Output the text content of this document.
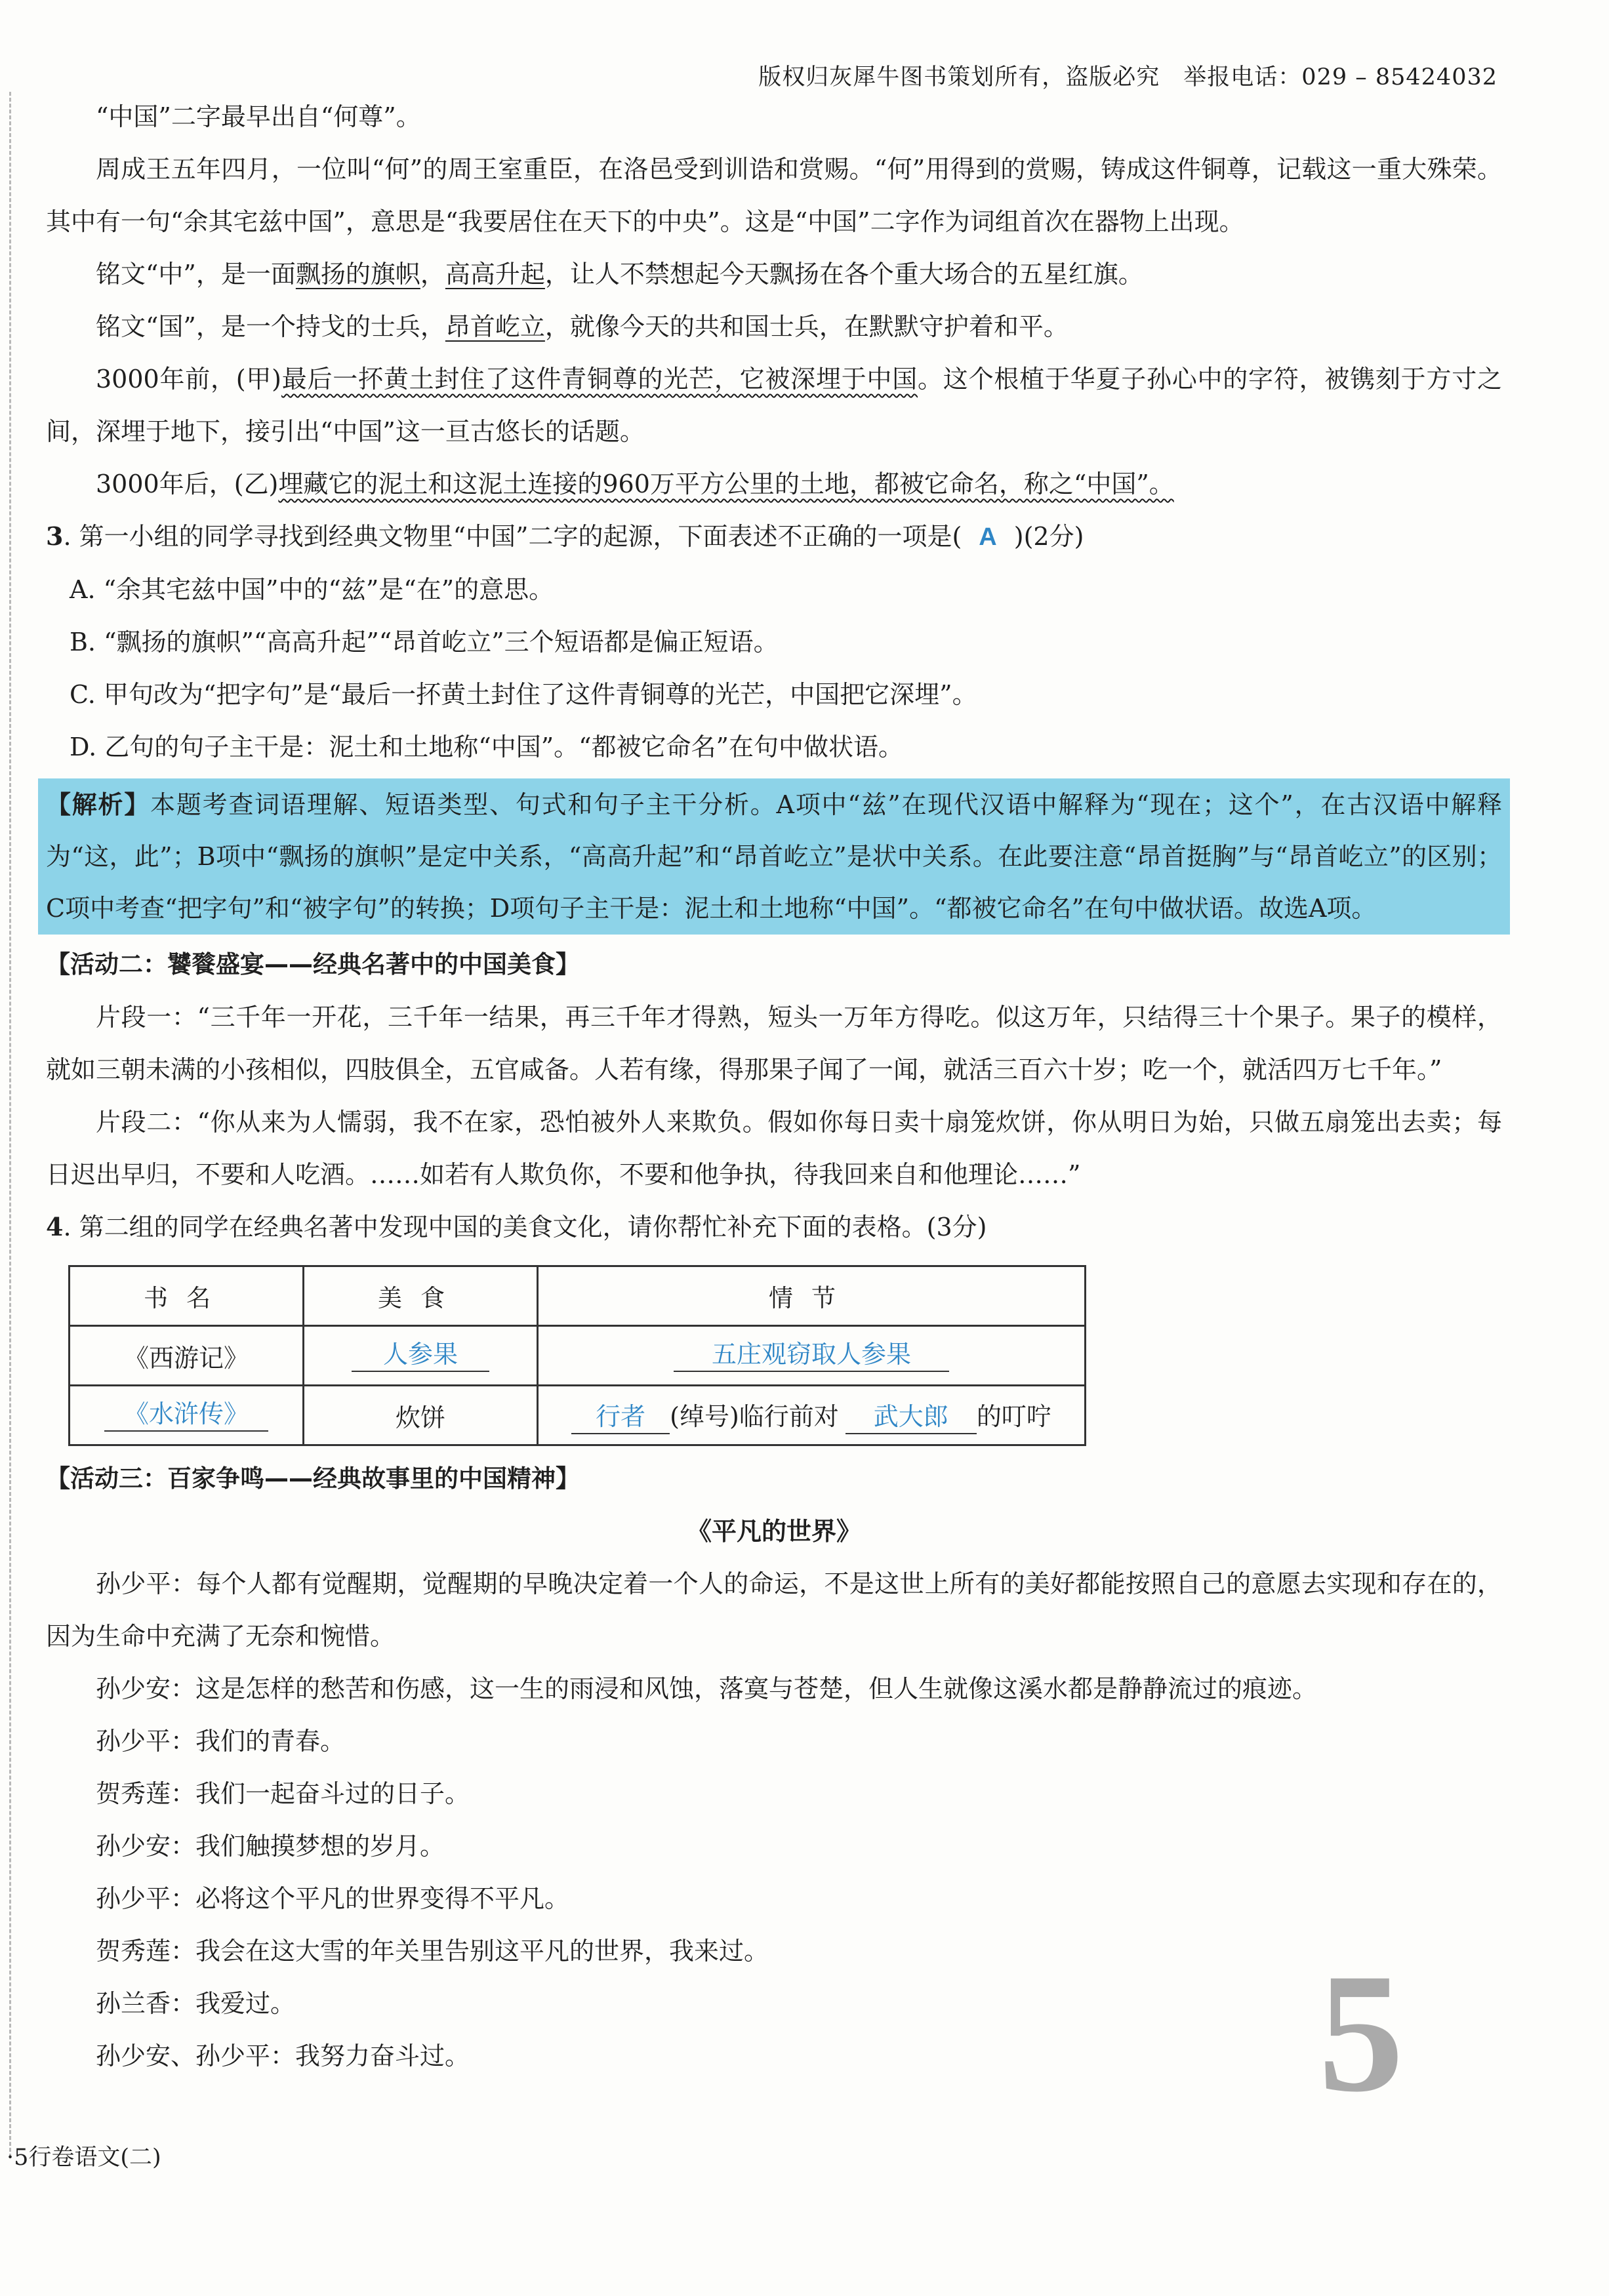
版权归灰犀牛图书策划所有，盗版必究　举报电话：029 – 85424032

“中国”二字最早出自“何尊”。

周成王五年四月，一位叫“何”的周王室重臣，在洛邑受到训诰和赏赐。“何”用得到的赏赐，铸成这件铜尊，记载这一重大殊荣。其中有一句“余其宅兹中国”，意思是“我要居住在天下的中央”。这是“中国”二字作为词组首次在器物上出现。

铭文“中”，是一面飘扬的旗帜，高高升起，让人不禁想起今天飘扬在各个重大场合的五星红旗。

铭文“国”，是一个持戈的士兵，昂首屹立，就像今天的共和国士兵，在默默守护着和平。

3000年前，(甲)最后一抔黄土封住了这件青铜尊的光芒，它被深埋于中国。这个根植于华夏子孙心中的字符，被镌刻于方寸之间，深埋于地下，接引出“中国”这一亘古悠长的话题。

3000年后，(乙)埋藏它的泥土和这泥土连接的960万平方公里的土地，都被它命名，称之“中国”。

3. 第一小组的同学寻找到经典文物里“中国”二字的起源，下面表述不正确的一项是( A )(2分)

A. “余其宅兹中国”中的“兹”是“在”的意思。

B. “飘扬的旗帜”“高高升起”“昂首屹立”三个短语都是偏正短语。

C. 甲句改为“把字句”是“最后一抔黄土封住了这件青铜尊的光芒，中国把它深埋”。

D. 乙句的句子主干是：泥土和土地称“中国”。“都被它命名”在句中做状语。

【解析】本题考查词语理解、短语类型、句式和句子主干分析。A项中“兹”在现代汉语中解释为“现在；这个”，在古汉语中解释为“这，此”；B项中“飘扬的旗帜”是定中关系，“高高升起”和“昂首屹立”是状中关系。在此要注意“昂首挺胸”与“昂首屹立”的区别；C项中考查“把字句”和“被字句”的转换；D项句子主干是：泥土和土地称“中国”。“都被它命名”在句中做状语。故选A项。

【活动二：饕餮盛宴——经典名著中的中国美食】

片段一：“三千年一开花，三千年一结果，再三千年才得熟，短头一万年方得吃。似这万年，只结得三十个果子。果子的模样，就如三朝未满的小孩相似，四肢俱全，五官咸备。人若有缘，得那果子闻了一闻，就活三百六十岁；吃一个，就活四万七千年。”

片段二：“你从来为人懦弱，我不在家，恐怕被外人来欺负。假如你每日卖十扇笼炊饼，你从明日为始，只做五扇笼出去卖；每日迟出早归，不要和人吃酒。……如若有人欺负你，不要和他争执，待我回来自和他理论……”

4. 第二组的同学在经典名著中发现中国的美食文化，请你帮忙补充下面的表格。(3分)

书名	美食	情节
《西游记》	人参果	五庄观窃取人参果
《水浒传》	炊饼	行者 (绰号)临行前对 武大郎 的叮咛

【活动三：百家争鸣——经典故事里的中国精神】

《平凡的世界》

孙少平：每个人都有觉醒期，觉醒期的早晚决定着一个人的命运，不是这世上所有的美好都能按照自己的意愿去实现和存在的，因为生命中充满了无奈和惋惜。

孙少安：这是怎样的愁苦和伤感，这一生的雨浸和风蚀，落寞与苍楚，但人生就像这溪水都是静静流过的痕迹。

孙少平：我们的青春。

贺秀莲：我们一起奋斗过的日子。

孙少安：我们触摸梦想的岁月。

孙少平：必将这个平凡的世界变得不平凡。

贺秀莲：我会在这大雪的年关里告别这平凡的世界，我来过。

孙兰香：我爱过。

孙少安、孙少平：我努力奋斗过。	5
·5行卷语文(二)
